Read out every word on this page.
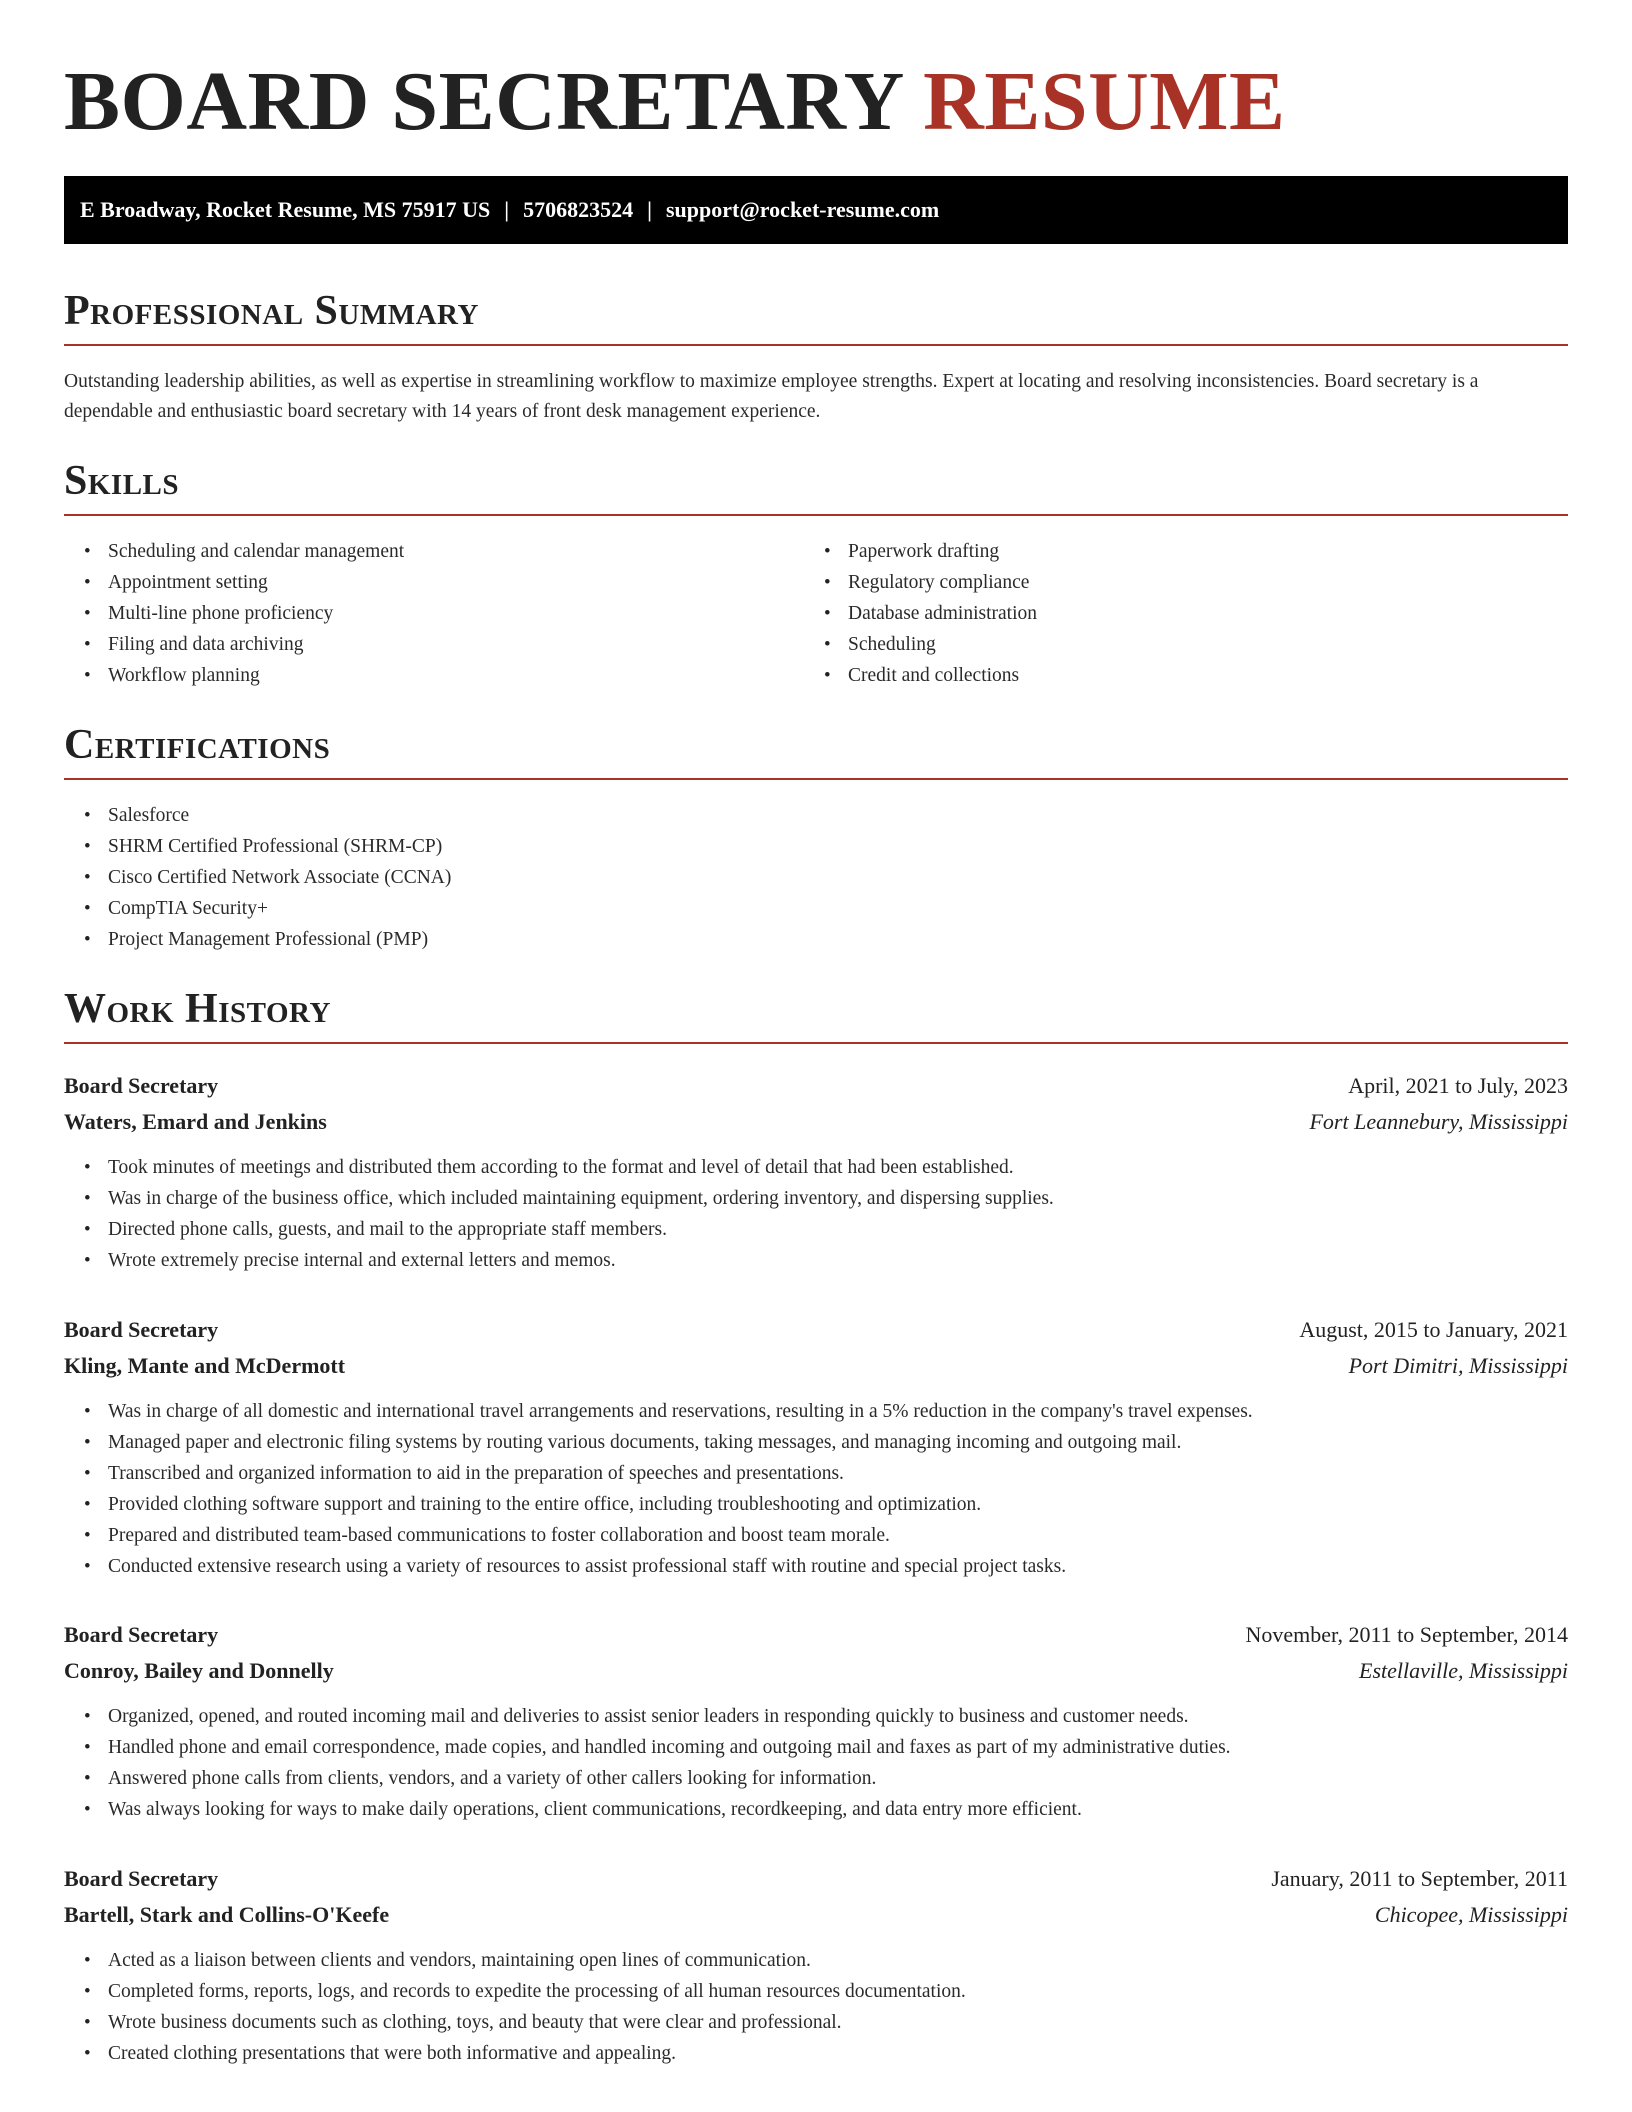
BOARD SECRETARY RESUME
E Broadway, Rocket Resume, MS 75917 US | 5706823524 | support@rocket-resume.com
Professional Summary

Outstanding leadership abilities, as well as expertise in streamlining workflow to maximize employee strengths. Expert at locating and resolving inconsistencies. Board secretary is a dependable and enthusiastic board secretary with 14 years of front desk management experience.

Skills
• Scheduling and calendar management
• Appointment setting
• Multi-line phone proficiency
• Filing and data archiving
• Workflow planning
• Paperwork drafting
• Regulatory compliance
• Database administration
• Scheduling
• Credit and collections
Certifications
• Salesforce
• SHRM Certified Professional (SHRM-CP)
• Cisco Certified Network Associate (CCNA)
• CompTIA Security+
• Project Management Professional (PMP)
Work History
Board Secretary	April, 2021 to July, 2023
Waters, Emard and Jenkins	Fort Leannebury, Mississippi
• Took minutes of meetings and distributed them according to the format and level of detail that had been established.
• Was in charge of the business office, which included maintaining equipment, ordering inventory, and dispersing supplies.
• Directed phone calls, guests, and mail to the appropriate staff members.
• Wrote extremely precise internal and external letters and memos.
Board Secretary	August, 2015 to January, 2021
Kling, Mante and McDermott	Port Dimitri, Mississippi
• Was in charge of all domestic and international travel arrangements and reservations, resulting in a 5% reduction in the company's travel expenses.
• Managed paper and electronic filing systems by routing various documents, taking messages, and managing incoming and outgoing mail.
• Transcribed and organized information to aid in the preparation of speeches and presentations.
• Provided clothing software support and training to the entire office, including troubleshooting and optimization.
• Prepared and distributed team-based communications to foster collaboration and boost team morale.
• Conducted extensive research using a variety of resources to assist professional staff with routine and special project tasks.
Board Secretary	November, 2011 to September, 2014
Conroy, Bailey and Donnelly	Estellaville, Mississippi
• Organized, opened, and routed incoming mail and deliveries to assist senior leaders in responding quickly to business and customer needs.
• Handled phone and email correspondence, made copies, and handled incoming and outgoing mail and faxes as part of my administrative duties.
• Answered phone calls from clients, vendors, and a variety of other callers looking for information.
• Was always looking for ways to make daily operations, client communications, recordkeeping, and data entry more efficient.
Board Secretary	January, 2011 to September, 2011
Bartell, Stark and Collins-O'Keefe	Chicopee, Mississippi
• Acted as a liaison between clients and vendors, maintaining open lines of communication.
• Completed forms, reports, logs, and records to expedite the processing of all human resources documentation.
• Wrote business documents such as clothing, toys, and beauty that were clear and professional.
• Created clothing presentations that were both informative and appealing.
